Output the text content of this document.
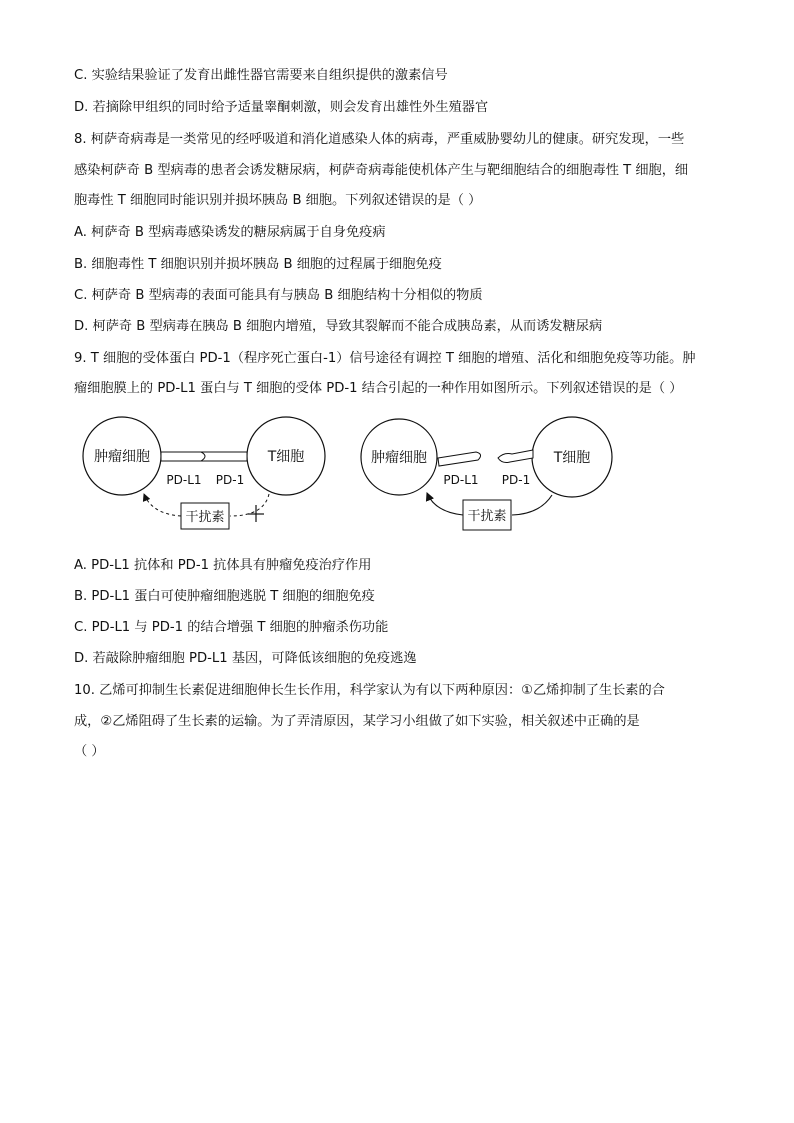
C. 实验结果验证了发育出雌性器官需要来自组织提供的激素信号
D. 若摘除甲组织的同时给予适量睾酮刺激，则会发育出雄性外生殖器官
8. 柯萨奇病毒是一类常见的经呼吸道和消化道感染人体的病毒，严重威胁婴幼儿的健康。研究发现，一些
感染柯萨奇 B 型病毒的患者会诱发糖尿病，柯萨奇病毒能使机体产生与靶细胞结合的细胞毒性 T 细胞，细
胞毒性 T 细胞同时能识别并损坏胰岛 B 细胞。下列叙述错误的是（ ）
A. 柯萨奇 B 型病毒感染诱发的糖尿病属于自身免疫病
B. 细胞毒性 T 细胞识别并损坏胰岛 B 细胞的过程属于细胞免疫
C. 柯萨奇 B 型病毒的表面可能具有与胰岛 B 细胞结构十分相似的物质
D. 柯萨奇 B 型病毒在胰岛 B 细胞内增殖，导致其裂解而不能合成胰岛素，从而诱发糖尿病
9. T 细胞的受体蛋白 PD-1（程序死亡蛋白-1）信号途径有调控 T 细胞的增殖、活化和细胞免疫等功能。肿
瘤细胞膜上的 PD-L1 蛋白与 T 细胞的受体 PD-1 结合引起的一种作用如图所示。下列叙述错误的是（ ）
肿瘤细胞	T细胞
PD-L1 PD-1
干扰素
肿瘤细胞	T细胞
PD-L1 PD-1
干扰素
A. PD-L1 抗体和 PD-1 抗体具有肿瘤免疫治疗作用
B. PD-L1 蛋白可使肿瘤细胞逃脱 T 细胞的细胞免疫
C. PD-L1 与 PD-1 的结合增强 T 细胞的肿瘤杀伤功能
D. 若敲除肿瘤细胞 PD-L1 基因，可降低该细胞的免疫逃逸
10. 乙烯可抑制生长素促进细胞伸长生长作用，科学家认为有以下两种原因：①乙烯抑制了生长素的合
成，②乙烯阻碍了生长素的运输。为了弄清原因，某学习小组做了如下实验，相关叙述中正确的是
（ ）
